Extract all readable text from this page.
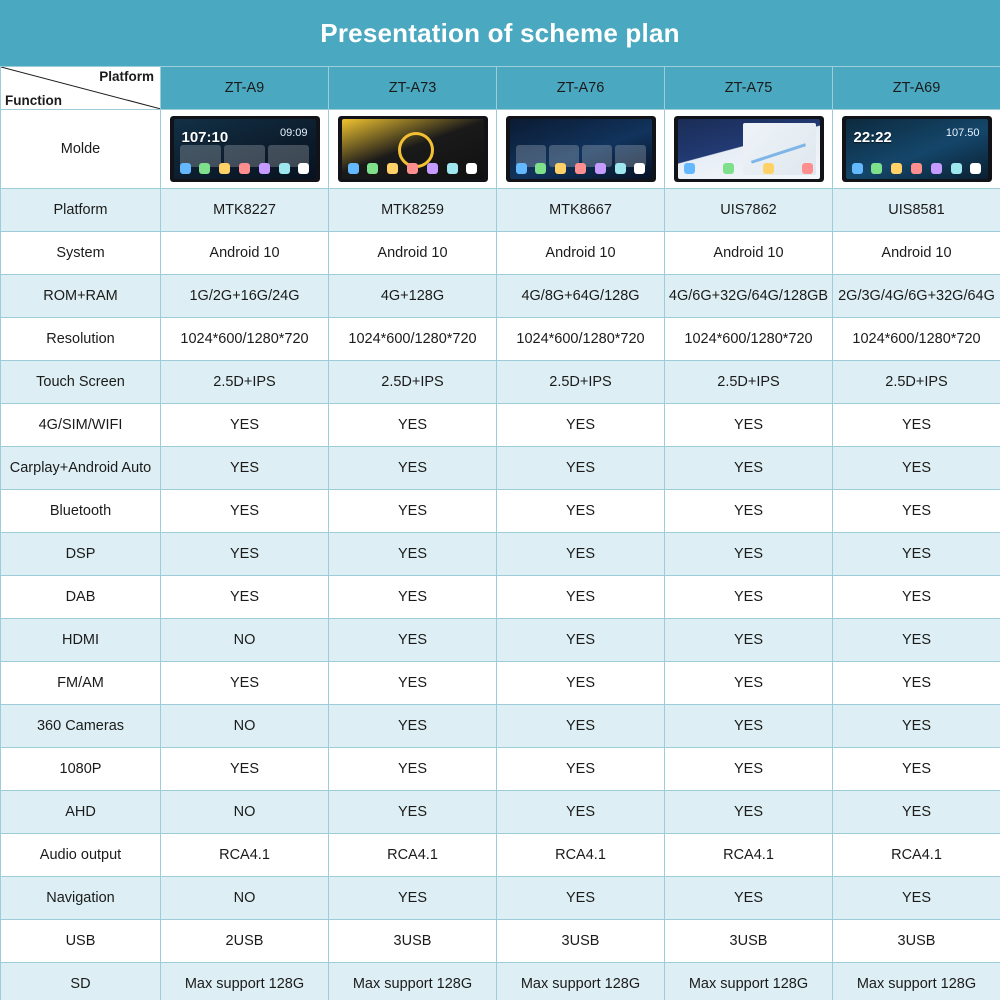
Presentation of scheme plan
Platform
Function	ZT-A9	ZT-A73	ZT-A76	ZT-A75	ZT-A69
Molde	107:10 09:09				22:22 107.50

Platform	MTK8227	MTK8259	MTK8667	UIS7862	UIS8581
System	Android 10	Android 10	Android 10	Android 10	Android 10
ROM+RAM	1G/2G+16G/24G	4G+128G	4G/8G+64G/128G	4G/6G+32G/64G/128GB	2G/3G/4G/6G+32G/64G
Resolution	1024*600/1280*720	1024*600/1280*720	1024*600/1280*720	1024*600/1280*720	1024*600/1280*720
Touch Screen	2.5D+IPS	2.5D+IPS	2.5D+IPS	2.5D+IPS	2.5D+IPS
4G/SIM/WIFI	YES	YES	YES	YES	YES
Carplay+Android Auto	YES	YES	YES	YES	YES
Bluetooth	YES	YES	YES	YES	YES
DSP	YES	YES	YES	YES	YES
DAB	YES	YES	YES	YES	YES
HDMI	NO	YES	YES	YES	YES
FM/AM	YES	YES	YES	YES	YES
360 Cameras	NO	YES	YES	YES	YES
1080P	YES	YES	YES	YES	YES
AHD	NO	YES	YES	YES	YES
Audio output	RCA4.1	RCA4.1	RCA4.1	RCA4.1	RCA4.1
Navigation	NO	YES	YES	YES	YES
USB	2USB	3USB	3USB	3USB	3USB
SD	Max support 128G	Max support 128G	Max support 128G	Max support 128G	Max support 128G
